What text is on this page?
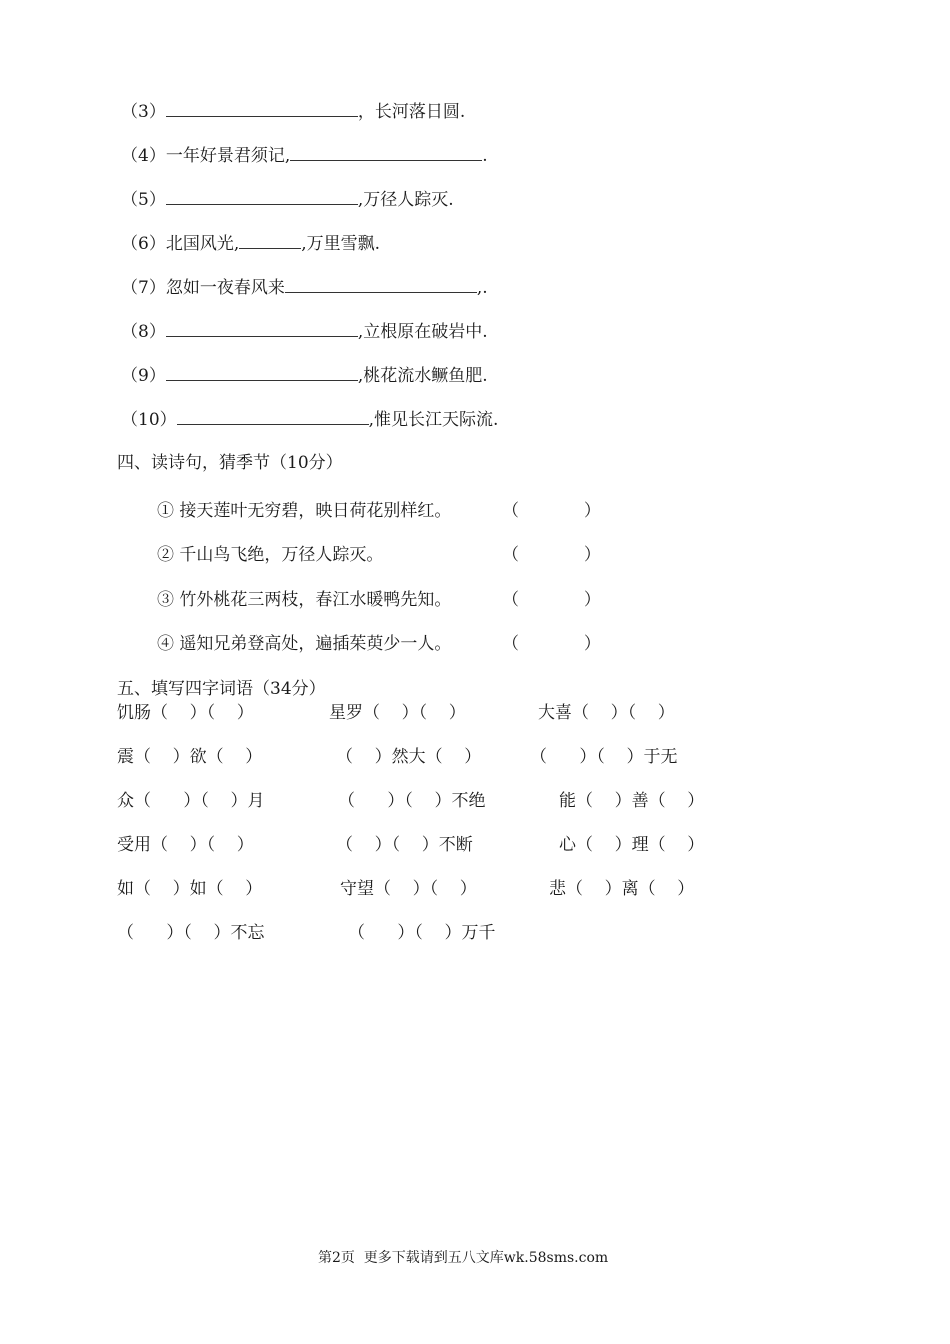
（3）	，长河落日圆.
（4）一年好景君须记,	.
（5）	,万径人踪灭.
（6）北国风光,	,万里雪飘.
（7）忽如一夜春风来	,.
（8）	,立根原在破岩中.
（9）	,桃花流水鳜鱼肥.
（10）	,惟见长江天际流.
四、读诗句，猜季节（10分）
① 接天莲叶无穷碧，映日荷花别样红。	（            ）
② 千山鸟飞绝，万径人踪灭。	（            ）
③ 竹外桃花三两枝，春江水暖鸭先知。	（            ）
④ 遥知兄弟登高处，遍插茱萸少一人。	（            ）
五、填写四字词语（34分）
饥肠（    ）（    ）	星罗（    ）（    ）	大喜（    ）（    ）
震（    ）欲（    ）	（    ）然大（    ）	（      ）（    ）于无
众（      ）（    ）月	（      ）（    ）不绝	能（    ）善（    ）
受用（    ）（    ）	（    ）（    ）不断	心（    ）理（    ）
如（    ）如（    ）	守望（    ）（    ）	悲（    ）离（    ）
（      ）（    ）不忘	（      ）（    ）万千
第2页  更多下载请到五八文库wk.58sms.com
